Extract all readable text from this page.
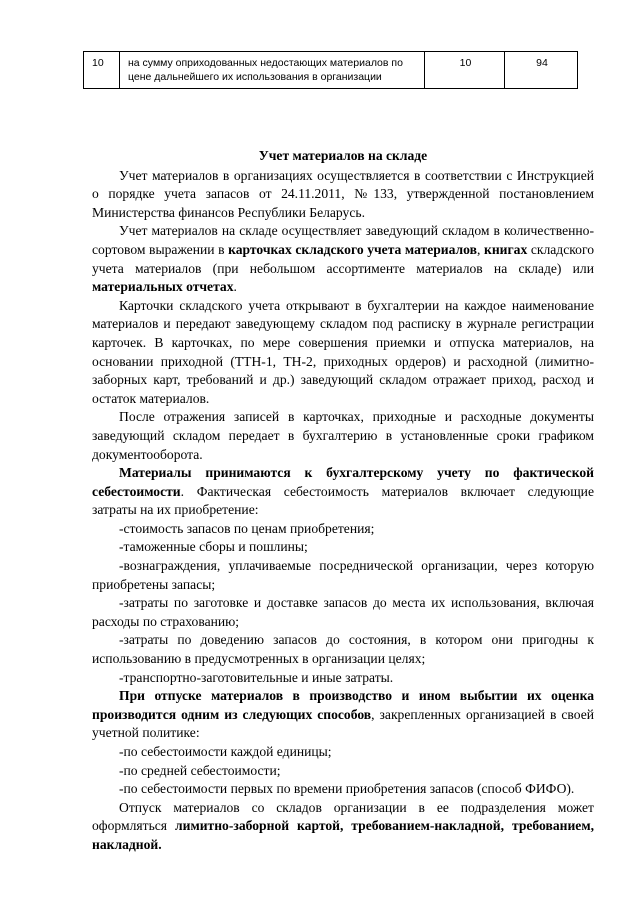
10	на сумму оприходованных недостающих материалов по цене дальнейшего их использования в организации	10	94
Учет материалов на складе

Учет материалов в организациях осуществляется в соответствии с Инструкцией о порядке учета запасов от 24.11.2011, №133, утвержденной постановлением Министерства финансов Республики Беларусь.

Учет материалов на складе осуществляет заведующий складом в количественно-сортовом выражении в карточках складского учета материалов, книгах складского учета материалов (при небольшом ассортименте материалов на складе) или материальных отчетах.

Карточки складского учета открывают в бухгалтерии на каждое наименование материалов и передают заведующему складом под расписку в журнале регистрации карточек. В карточках, по мере совершения приемки и отпуска материалов, на основании приходной (ТТН-1, ТН-2, приходных ордеров) и расходной (лимитно-заборных карт, требований и др.) заведующий складом отражает приход, расход и остаток материалов.

После отражения записей в карточках, приходные и расходные документы заведующий складом передает в бухгалтерию в установленные сроки графиком документооборота.

Материалы принимаются к бухгалтерскому учету по фактической себестоимости. Фактическая себестоимость материалов включает следующие затраты на их приобретение:

-стоимость запасов по ценам приобретения;

-таможенные сборы и пошлины;

-вознаграждения, уплачиваемые посреднической организации, через которую приобретены запасы;

-затраты по заготовке и доставке запасов до места их использования, включая расходы по страхованию;

-затраты по доведению запасов до состояния, в котором они пригодны к использованию в предусмотренных в организации целях;

-транспортно-заготовительные и иные затраты.

При отпуске материалов в производство и ином выбытии их оценка производится одним из следующих способов, закрепленных организацией в своей учетной политике:

-по себестоимости каждой единицы;

-по средней себестоимости;

-по себестоимости первых по времени приобретения запасов (способ ФИФО).

Отпуск материалов со складов организации в ее подразделения может оформляться лимитно-заборной картой, требованием-накладной, требованием, накладной.
